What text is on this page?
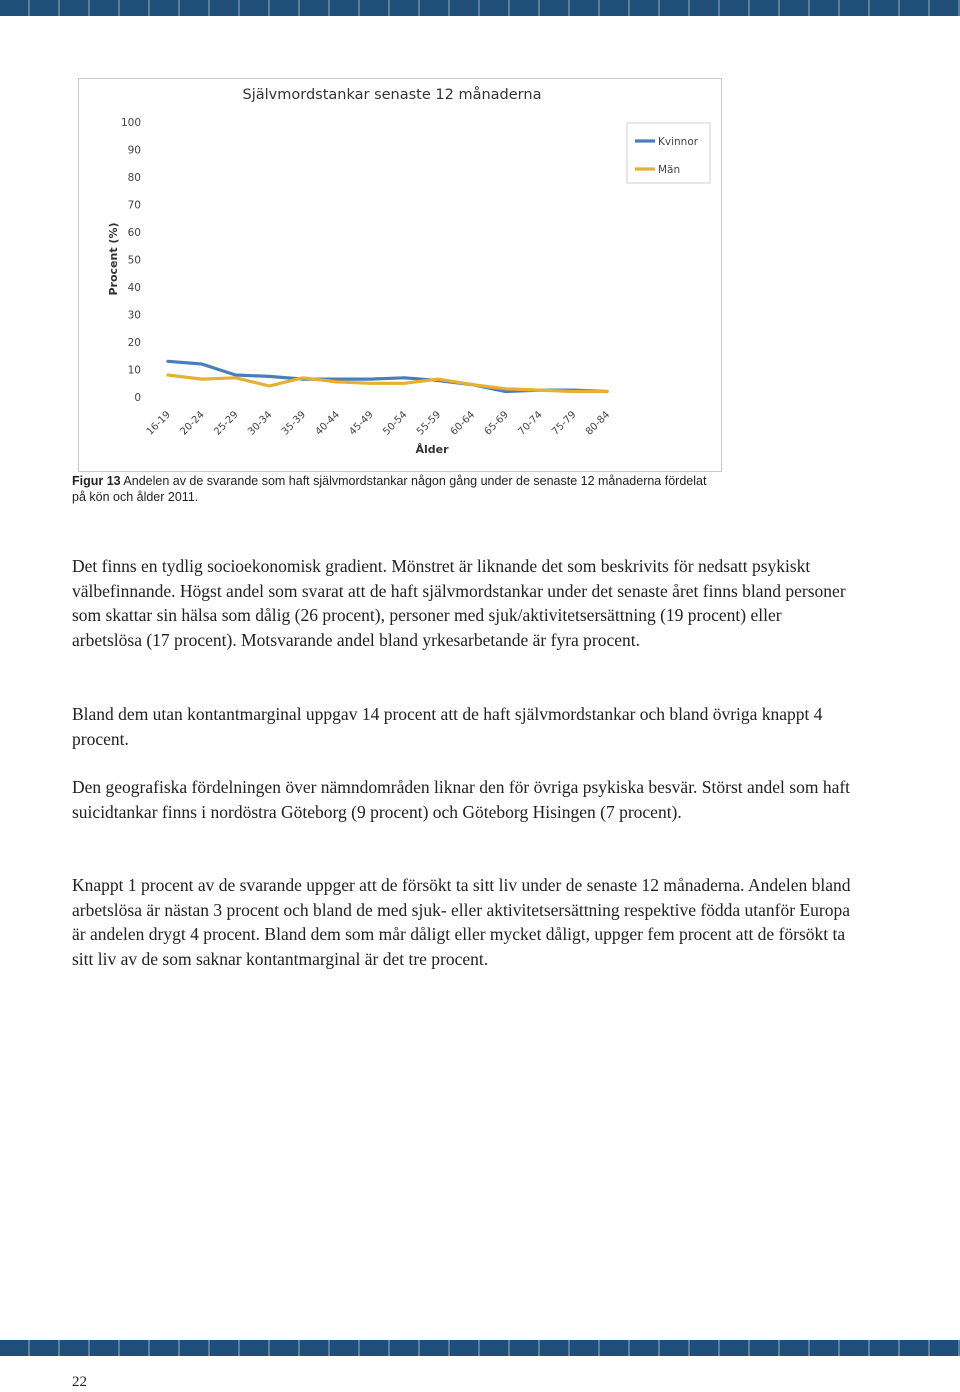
Självmordstankar senaste 12 månaderna
Procent (%)
Ålder
0
10
20
30
40
50
60
70
80
90
100
16-19 20-24 25-29 30-34 35-39 40-44 45-49 50-54 55-59 60-64 65-69 70-74 75-79 80-84
Kvinnor
Män
Figur 13 Andelen av de svarande som haft självmordstankar någon gång under de senaste 12 månaderna fördelat på kön och ålder 2011.

Det finns en tydlig socioekonomisk gradient. Mönstret är liknande det som beskrivits för nedsatt psykiskt välbefinnande. Högst andel som svarat att de haft självmordstankar under det senaste året finns bland personer som skattar sin hälsa som dålig (26 procent), personer med sjuk/aktivitetsersättning (19 procent) eller arbetslösa (17 procent). Motsvarande andel bland yrkesarbetande är fyra procent.

Bland dem utan kontantmarginal uppgav 14 procent att de haft självmordstankar och bland övriga knappt 4 procent.

Den geografiska fördelningen över nämndområden liknar den för övriga psykiska besvär. Störst andel som haft suicidtankar finns i nordöstra Göteborg (9 procent) och Göteborg Hisingen (7 procent).

Knappt 1 procent av de svarande uppger att de försökt ta sitt liv under de senaste 12 månaderna. Andelen bland arbetslösa är nästan 3 procent och bland de med sjuk- eller aktivitetsersättning respektive födda utanför Europa är andelen drygt 4 procent. Bland dem som mår dåligt eller mycket dåligt, uppger fem procent att de försökt ta sitt liv av de som saknar kontantmarginal är det tre procent.

22
